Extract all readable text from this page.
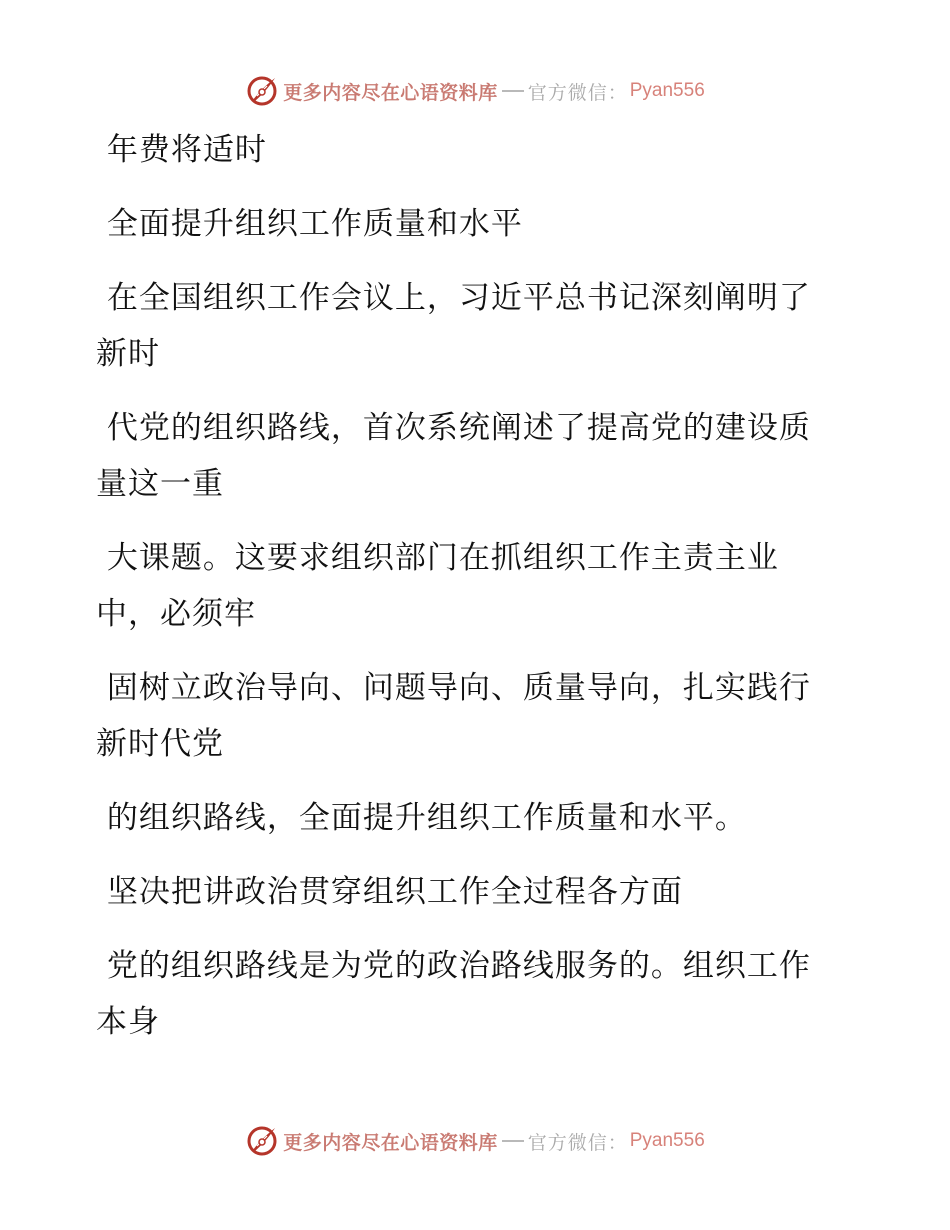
更多内容尽在心语资料库 官方微信： Pyan556

年费将适时

全面提升组织工作质量和水平

在全国组织工作会议上，习近平总书记深刻阐明了新时

代党的组织路线，首次系统阐述了提高党的建设质量这一重

大课题。这要求组织部门在抓组织工作主责主业中，必须牢

固树立政治导向、问题导向、质量导向，扎实践行新时代党

的组织路线，全面提升组织工作质量和水平。

坚决把讲政治贯穿组织工作全过程各方面

党的组织路线是为党的政治路线服务的。组织工作本身

更多内容尽在心语资料库 官方微信： Pyan556
